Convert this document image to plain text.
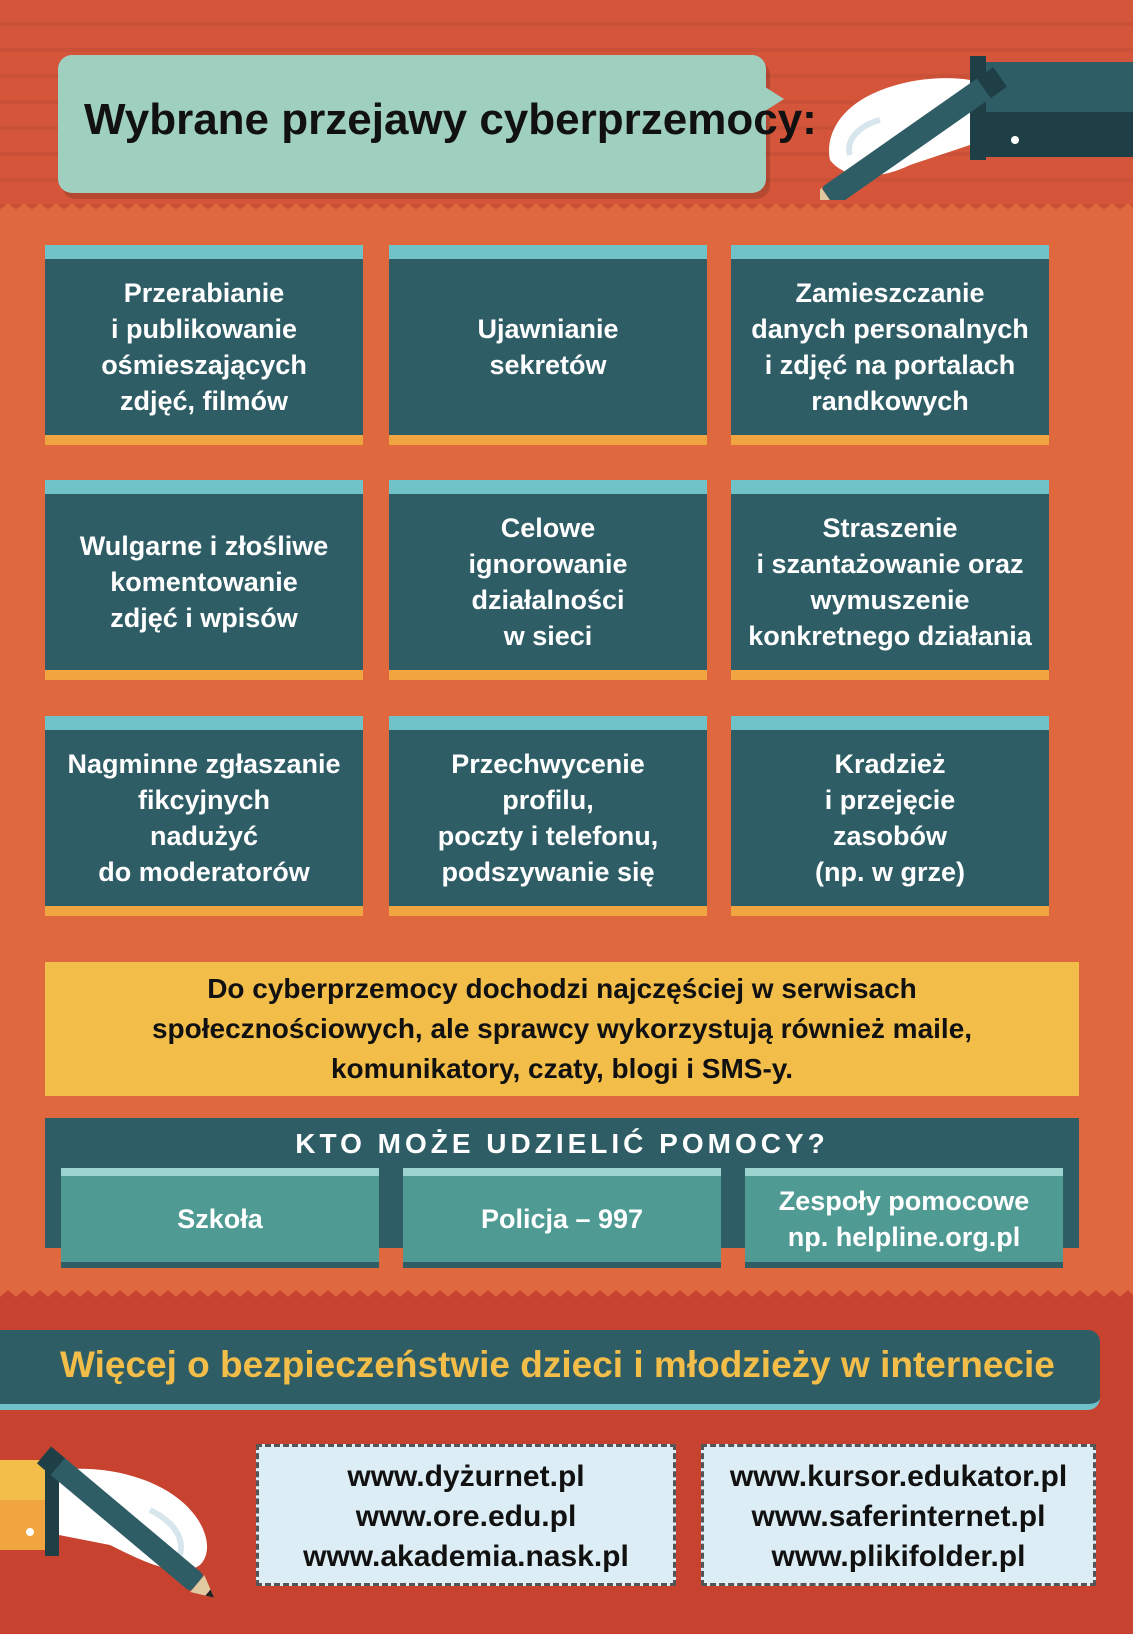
Wybrane przejawy cyberprzemocy:
Przerabianie
i publikowanie
ośmieszających
zdjęć, filmów
Ujawnianie
sekretów
Zamieszczanie
danych personalnych
i zdjęć na portalach
randkowych
Wulgarne i złośliwe
komentowanie
zdjęć i wpisów
Celowe
ignorowanie
działalności
w sieci
Straszenie
i szantażowanie oraz
wymuszenie
konkretnego działania
Nagminne zgłaszanie
fikcyjnych
nadużyć
do moderatorów
Przechwycenie profilu,
poczty i telefonu,
podszywanie się
Kradzież
i przejęcie
zasobów
(np. w grze)
Do cyberprzemocy dochodzi najczęściej w serwisach społecznościowych, ale sprawcy wykorzystują również maile, komunikatory, czaty, blogi i SMS-y.
KTO MOŻE UDZIELIĆ POMOCY?
Szkoła	Policja – 997
Zespoły pomocowe
np. helpline.org.pl
Więcej o bezpieczeństwie dzieci i młodzieży w internecie
www.dyżurnet.pl
www.ore.edu.pl
www.akademia.nask.pl
www.kursor.edukator.pl
www.saferinternet.pl
www.plikifolder.pl
